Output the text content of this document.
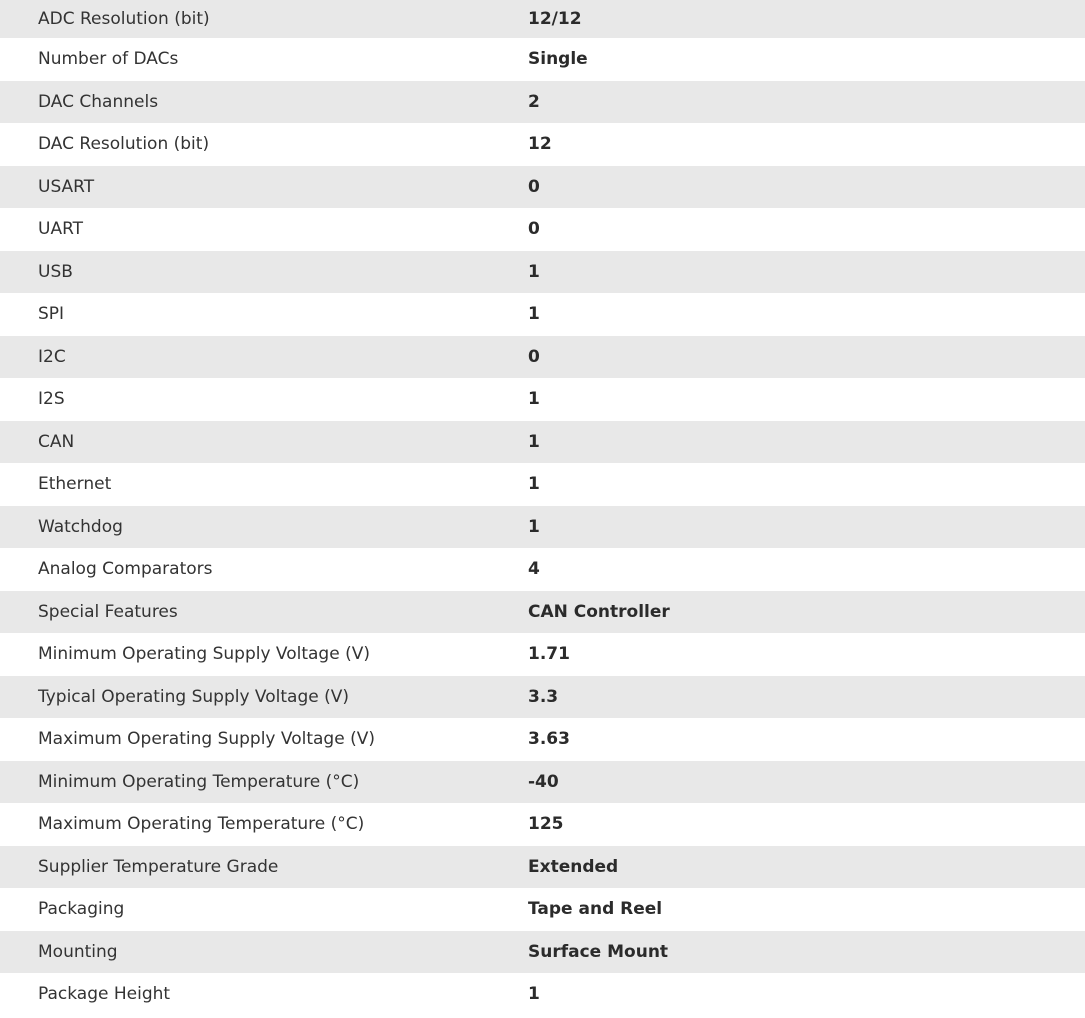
ADC Resolution (bit)	12/12
Number of DACs	Single
DAC Channels	2
DAC Resolution (bit)	12
USART	0
UART	0
USB	1
SPI	1
I2C	0
I2S	1
CAN	1
Ethernet	1
Watchdog	1
Analog Comparators	4
Special Features	CAN Controller
Minimum Operating Supply Voltage (V)	1.71
Typical Operating Supply Voltage (V)	3.3
Maximum Operating Supply Voltage (V)	3.63
Minimum Operating Temperature (°C)	-40
Maximum Operating Temperature (°C)	125
Supplier Temperature Grade	Extended
Packaging	Tape and Reel
Mounting	Surface Mount
Package Height	1
